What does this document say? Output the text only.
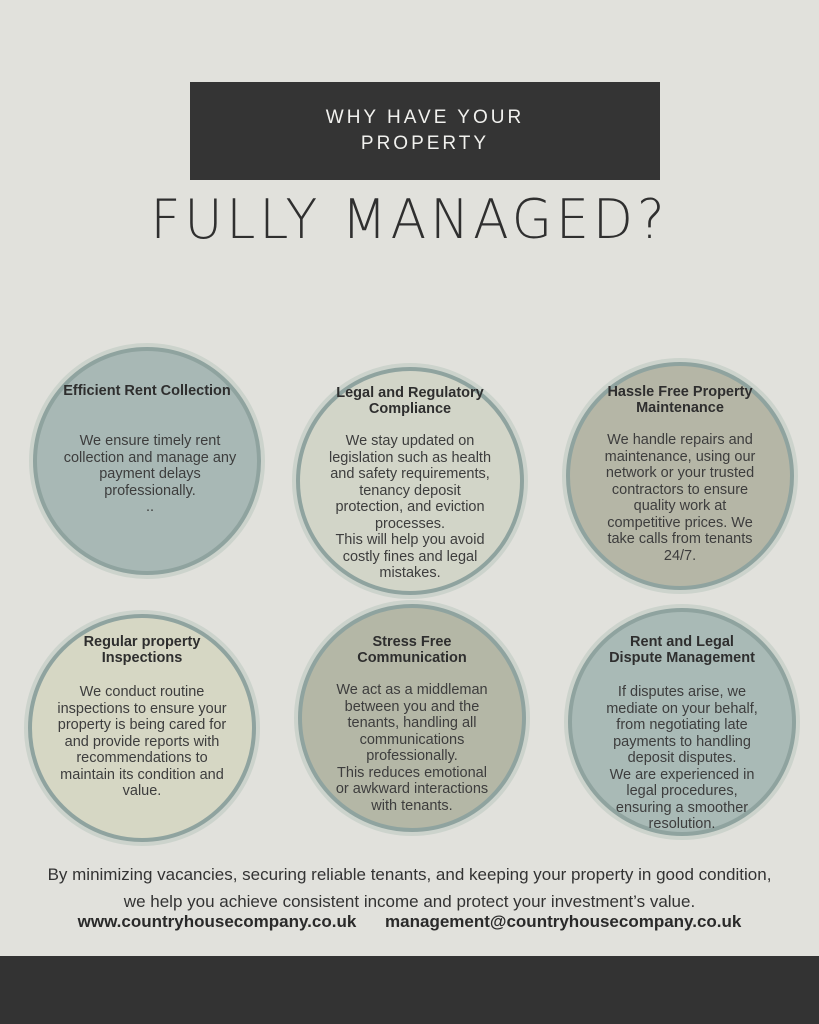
WHY HAVE YOUR
PROPERTY
FULLY MANAGED?
Efficient Rent Collection
We ensure timely rent
collection and manage any
payment delays
professionally.
..
Legal and Regulatory
Compliance
We stay updated on
legislation such as health
and safety requirements,
tenancy deposit
protection, and eviction
processes.
This will help you avoid
costly fines and legal
mistakes.
Hassle Free Property
Maintenance
We handle repairs and
maintenance, using our
network or your trusted
contractors to ensure
quality work at
competitive prices. We
take calls from tenants
24/7.
Regular property
Inspections
We conduct routine
inspections to ensure your
property is being cared for
and provide reports with
recommendations to
maintain its condition and
value.
Stress Free
Communication
We act as a middleman
between you and the
tenants, handling all
communications
professionally.
This reduces emotional
or awkward interactions
with tenants.
Rent and Legal
Dispute Management
If disputes arise, we
mediate on your behalf,
from negotiating late
payments to handling
deposit disputes.
We are experienced in
legal procedures,
ensuring a smoother
resolution.
By minimizing vacancies, securing reliable tenants, and keeping your property in good condition, we help you achieve consistent income and protect your investment’s value.
www.countryhousecompany.co.uk management@countryhousecompany.co.uk
